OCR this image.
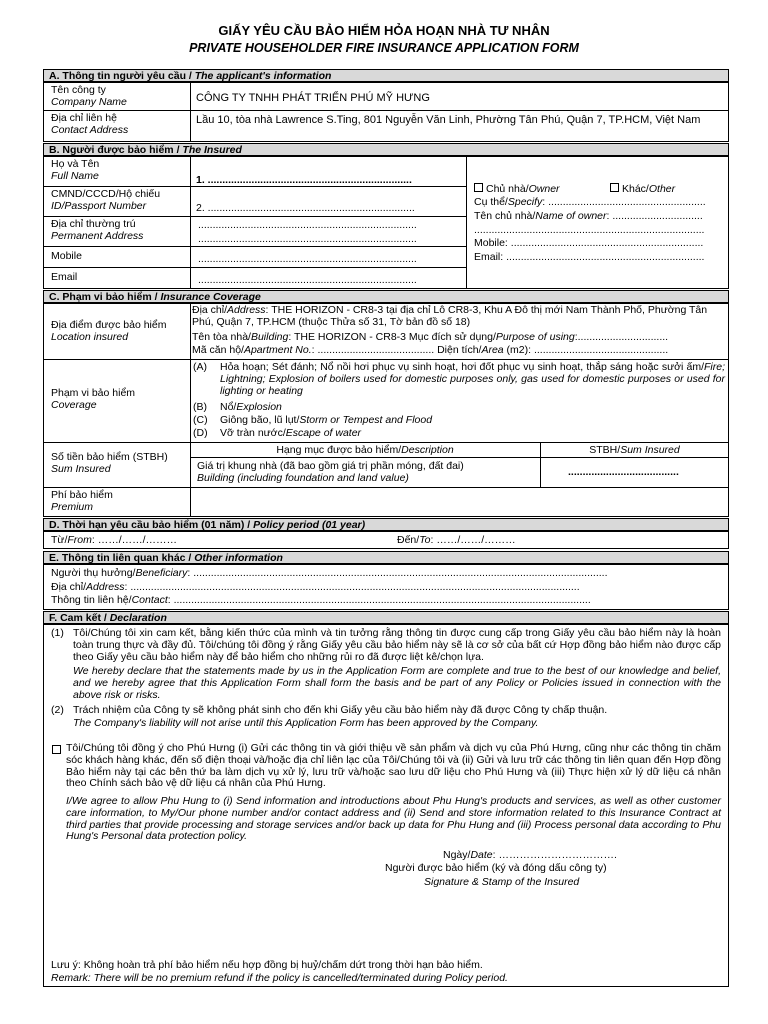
GIẤY YÊU CẦU BẢO HIỂM HỎA HOẠN NHÀ TƯ NHÂN
PRIVATE HOUSEHOLDER FIRE INSURANCE APPLICATION FORM
A. Thông tin người yêu cầu / The applicant's information
Tên công ty
Company Name	CÔNG TY TNHH PHÁT TRIỂN PHÚ MỸ HƯNG
Địa chỉ liên hệ
Contact Address
Lầu 10, tòa nhà Lawrence S.Ting, 801 Nguyễn Văn Linh, Phường Tân Phú, Quận 7, TP.HCM, Việt Nam
B. Người được bảo hiểm / The Insured
Họ và Tên
Full Name	1. ......................................................................
CMND/CCCD/Hộ chiếu
ID/Passport Number	2. .......................................................................
Địa chỉ thường trú
Permanent Address
...........................................................................
...........................................................................
Mobile	...........................................................................
Email	...........................................................................
Chủ nhà/Owner	Khác/Other
Cụ thể/Specify: ......................................................
Tên chủ nhà/Name of owner: ...............................
...............................................................................
Mobile: ..................................................................
Email: ....................................................................
C. Phạm vi bảo hiểm / Insurance Coverage
Địa điểm được bảo hiểm
Location insured
Địa chỉ/Address: THE HORIZON - CR8-3 tại địa chỉ Lô CR8-3, Khu A Đô thị mới Nam Thành Phố, Phường Tân Phú, Quận 7, TP.HCM (thuộc Thửa số 31, Tờ bản đồ số 18)
Tên tòa nhà/Building: THE HORIZON - CR8-3 Mục đích sử dụng/Purpose of using:...............................
Mã căn hộ/Apartment No.: ........................................ Diện tích/Area (m2): ..............................................
Phạm vi bảo hiểm
Coverage
(A) Hỏa hoạn; Sét đánh; Nổ nồi hơi phục vụ sinh hoạt, hơi đốt phục vụ sinh hoạt, thắp sáng hoặc sưởi ấm/Fire; Lightning; Explosion of boilers used for domestic purposes only, gas used for domestic purposes or used for lighting or heating
(B) Nổ/Explosion
(C) Giông bão, lũ lụt/Storm or Tempest and Flood
(D) Vỡ tràn nước/Escape of water
Số tiền bảo hiểm (STBH)
Sum Insured
Hạng mục được bảo hiểm/Description	STBH/Sum Insured
Giá trị khung nhà (đã bao gồm giá trị phần móng, đất đai)
Building (including foundation and land value)	......................................
Phí bảo hiểm
Premium
D. Thời hạn yêu cầu bảo hiểm (01 năm) / Policy period (01 year)
Từ/From: ……/……/………	Đến/To: ……/……/………
E. Thông tin liên quan khác / Other information
Người thụ hưởng/Beneficiary: ..............................................................................................................................................
Địa chỉ/Address: ..........................................................................................................................................................
Thông tin liên hệ/Contact: ...............................................................................................................................................
F. Cam kết / Declaration
(1) Tôi/Chúng tôi xin cam kết, bằng kiến thức của mình và tin tưởng rằng thông tin được cung cấp trong Giấy yêu cầu bảo hiểm này là hoàn toàn trung thực và đầy đủ. Tôi/chúng tôi đồng ý rằng Giấy yêu cầu bảo hiểm này sẽ là cơ sở của bất cứ Hợp đồng bảo hiểm nào được cấp theo Giấy yêu cầu bảo hiểm này để bảo hiểm cho những rủi ro đã được liệt kê/chọn lựa.
We hereby declare that the statements made by us in the Application Form are complete and true to the best of our knowledge and belief, and we hereby agree that this Application Form shall form the basis and be part of any Policy or Policies issued in connection with the above risk or risks.
(2) Trách nhiệm của Công ty sẽ không phát sinh cho đến khi Giấy yêu cầu bảo hiểm này đã được Công ty chấp thuận.
The Company's liability will not arise until this Application Form has been approved by the Company.
Tôi/Chúng tôi đồng ý cho Phú Hưng (i) Gửi các thông tin và giới thiệu về sản phẩm và dịch vụ của Phú Hưng, cũng như các thông tin chăm sóc khách hàng khác, đến số điện thoại và/hoặc địa chỉ liên lạc của Tôi/Chúng tôi và (ii) Gửi và lưu trữ các thông tin liên quan đến Hợp đồng Bảo hiểm này tại các bên thứ ba làm dịch vụ xử lý, lưu trữ và/hoặc sao lưu dữ liệu cho Phú Hưng và (iii) Thực hiện xử lý dữ liệu cá nhân theo Chính sách bảo vệ dữ liệu cá nhân của Phú Hưng.
I/We agree to allow Phu Hung to (i) Send information and introductions about Phu Hung's products and services, as well as other customer care information, to My/Our phone number and/or contact address and (ii) Send and store information related to this Insurance Contract at third parties that provide processing and storage services and/or back up data for Phu Hung and (iii) Process personal data according to Phu Hung's Personal data protection policy.
Ngày/Date: …………………………….
Người được bảo hiểm (ký và đóng dấu công ty)
Signature & Stamp of the Insured
Lưu ý: Không hoàn trả phí bảo hiểm nếu hợp đồng bị huỷ/chấm dứt trong thời hạn bảo hiểm.
Remark: There will be no premium refund if the policy is cancelled/terminated during Policy period.
